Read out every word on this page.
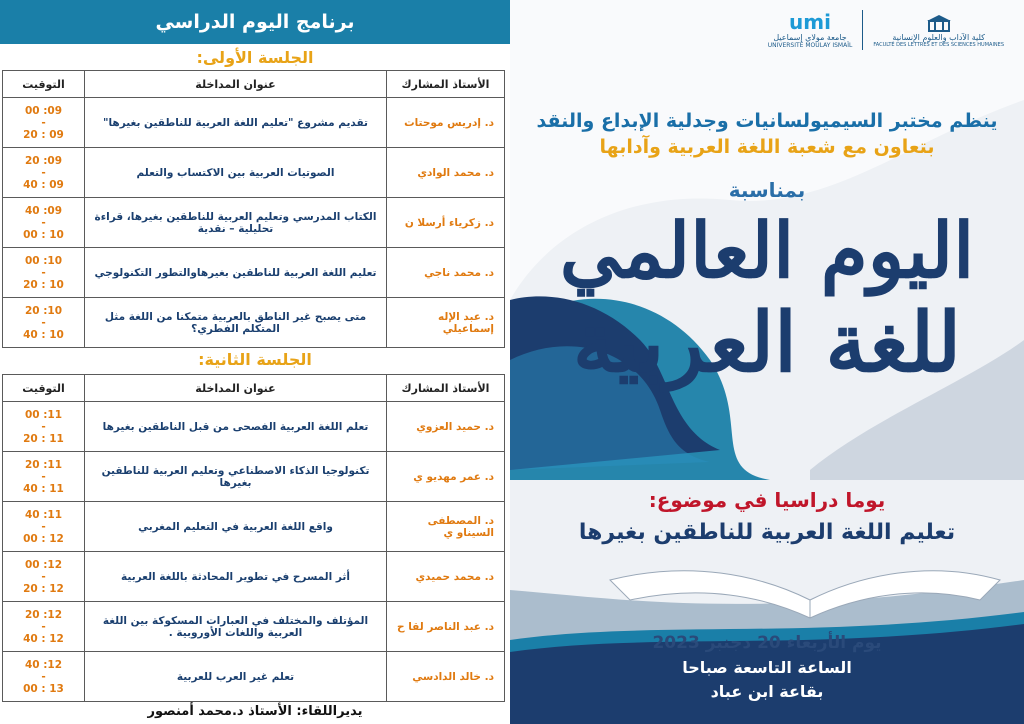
برنامج اليوم الدراسي
الجلسة الأولى:
الأستاذ المشارك	عنوان المداخلة	التوقيت
د. إدريس موحتات	تقديم مشروع "تعليم اللغة العربية للناطقين بغيرها"	00 :09
-
20 : 09

د. محمد الوادي	الصوتيات العربية بين الاكتساب والتعلم	20 :09
-
40 : 09

د. زكرياء أرسلا ن	الكتاب المدرسي وتعليم العربية للناطقين بغيرها، قراءة تحليلية – نقدية	40 :09
-
00 : 10

د. محمد ناجي	تعليم اللغة العربية للناطقين بغيرهاوالتطور التكنولوجي	00 :10
-
20 : 10

د. عبد الإله إسماعيلي	متى يصبح غير الناطق بالعربية متمكنا من اللغة مثل المتكلم الفطري؟	20 :10
-
40 : 10
الجلسة الثانية:
الأستاذ المشارك	عنوان المداخلة	التوقيت
د. حميد العزوي	تعلم اللغة العربية الفصحى من قبل الناطقين بغيرها	00 :11
-
20 : 11

د. عمر مهديو ي	تكنولوجيا الذكاء الاصطناعي وتعليم العربية للناطقين بغيرها	20 :11
-
40 : 11

د. المصطفى السيناو ي	واقع اللغة العربية في التعليم المغربي	40 :11
-
00 : 12

د. محمد حميدي	أثر المسرح في تطوير المحادثة باللغة العربية	00 :12
-
20 : 12

د. عبد الناصر لقا ح	المؤتلف والمختلف في العبارات المسكوكة بين اللغة العربية واللغات الأوروبية .	20 :12
-
40 : 12

د. خالد الدادسي	تعلم غير العرب للعربية	40 :12
-
00 : 13
يديراللقاء: الأستاذ د.محمد أمنصور
umi
جامعة مولاي إسماعيل
UNIVERSITÉ MOULAY ISMAÏL
كلية الآداب والعلوم الإنسانية
FACULTÉ DES LETTRES ET DES SCIENCES HUMAINES
ينظم مختبر السيميولسانيات وجدلية الإبداع والنقد
بتعاون مع شعبة اللغة العربية وآدابها
بمناسبة
اليوم العالمي
للغة العربية
يوما دراسيا في موضوع:
تعليم اللغة العربية للناطقين بغيرها
يوم الأربعاء 20 دجنبر 2023
الساعة التاسعة صباحا
بقاعة ابن عباد
